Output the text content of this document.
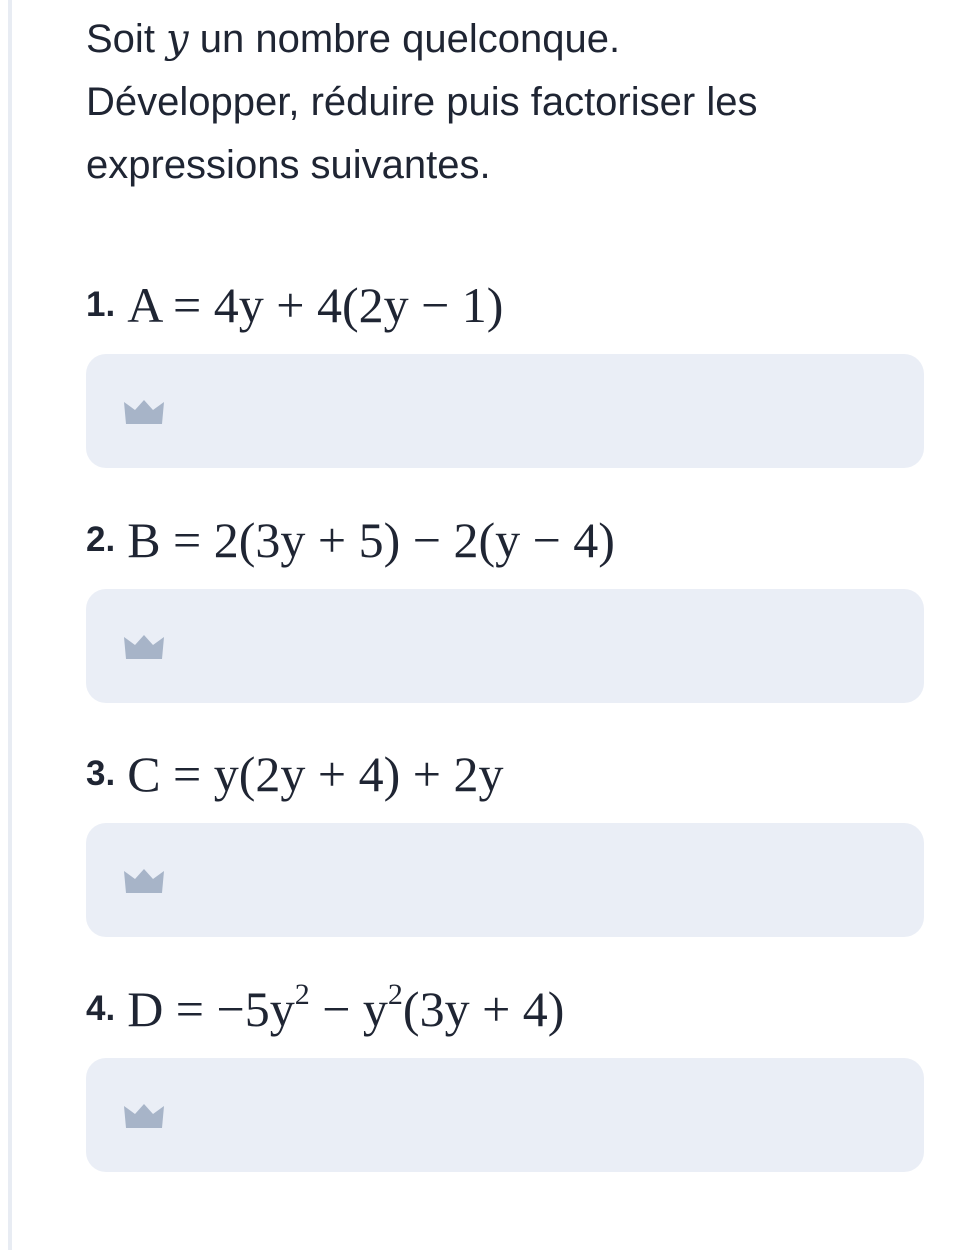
Soit y un nombre quelconque.
Développer, réduire puis factoriser les
expressions suivantes.
1. A = 4y + 4(2y − 1)
2. B = 2(3y + 5) − 2(y − 4)
3. C = y(2y + 4) + 2y
4. $D = -5y^2 - y^2(3y + 4)$
